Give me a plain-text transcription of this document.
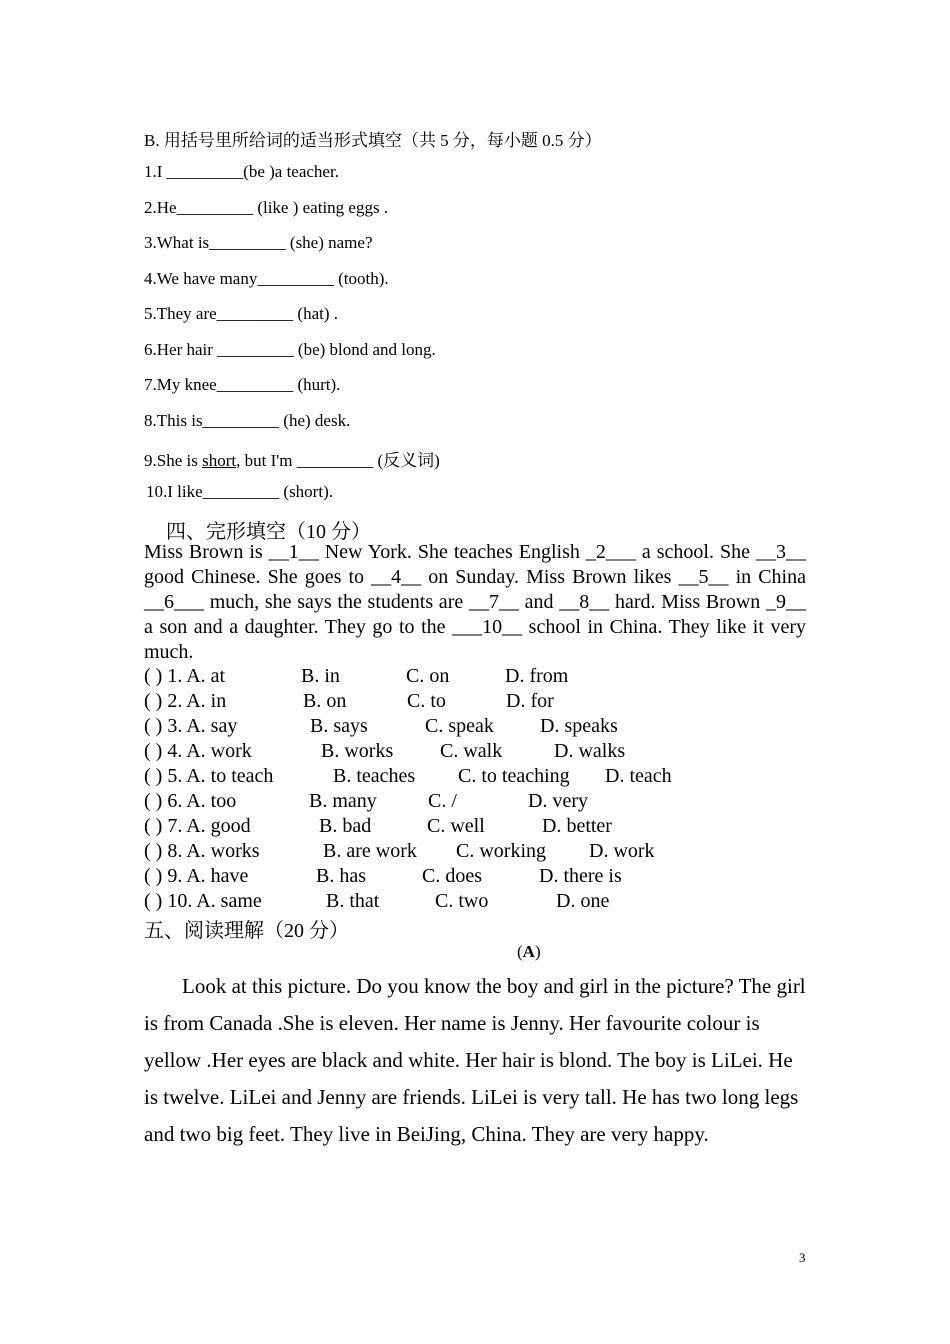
B. 用括号里所给词的适当形式填空（共 5 分，每小题 0.5 分）
1.I _________(be )a teacher.
2.He_________ (like ) eating eggs .
3.What is_________ (she) name?
4.We have many_________ (tooth).
5.They are_________ (hat) .
6.Her hair _________ (be) blond and long.
7.My knee_________ (hurt).
8.This is_________ (he) desk.
9.She is short, but I'm _________ (反义词)
10.I like_________ (short).
四、完形填空（10 分）

Miss Brown is __1__ New York. She teaches English _2___ a school. She __3__ good Chinese. She goes to __4__ on Sunday. Miss Brown likes __5__ in China __6___ much, she says the students are __7__ and __8__ hard. Miss Brown _9__ a son and a daughter. They go to the ___10__ school in China. They like it very much.

( ) 1. A. at	B. in	C. on	D. from
( ) 2. A. in	B. on	C. to	D. for
( ) 3. A. say	B. says	C. speak D. speaks
( ) 4. A. work	B. works C. walk	D. walks
( ) 5. A. to teach	B. teaches C. to teaching D. teach
( ) 6. A. too	B. many	C. /	D. very
( ) 7. A. good	B. bad	C. well	D. better
( ) 8. A. works	B. are work C. working D. work
( ) 9. A. have	B. has	C. does	D. there is
( ) 10. A. same	B. that	C. two	D. one
五、阅读理解（20 分）
(A)

Look at this picture. Do you know the boy and girl in the picture? The girl is from Canada .She is eleven. Her name is Jenny. Her favourite colour is yellow .Her eyes are black and white. Her hair is blond. The boy is LiLei. He is twelve. LiLei and Jenny are friends. LiLei is very tall. He has two long legs and two big feet. They live in BeiJing, China. They are very happy.

3
